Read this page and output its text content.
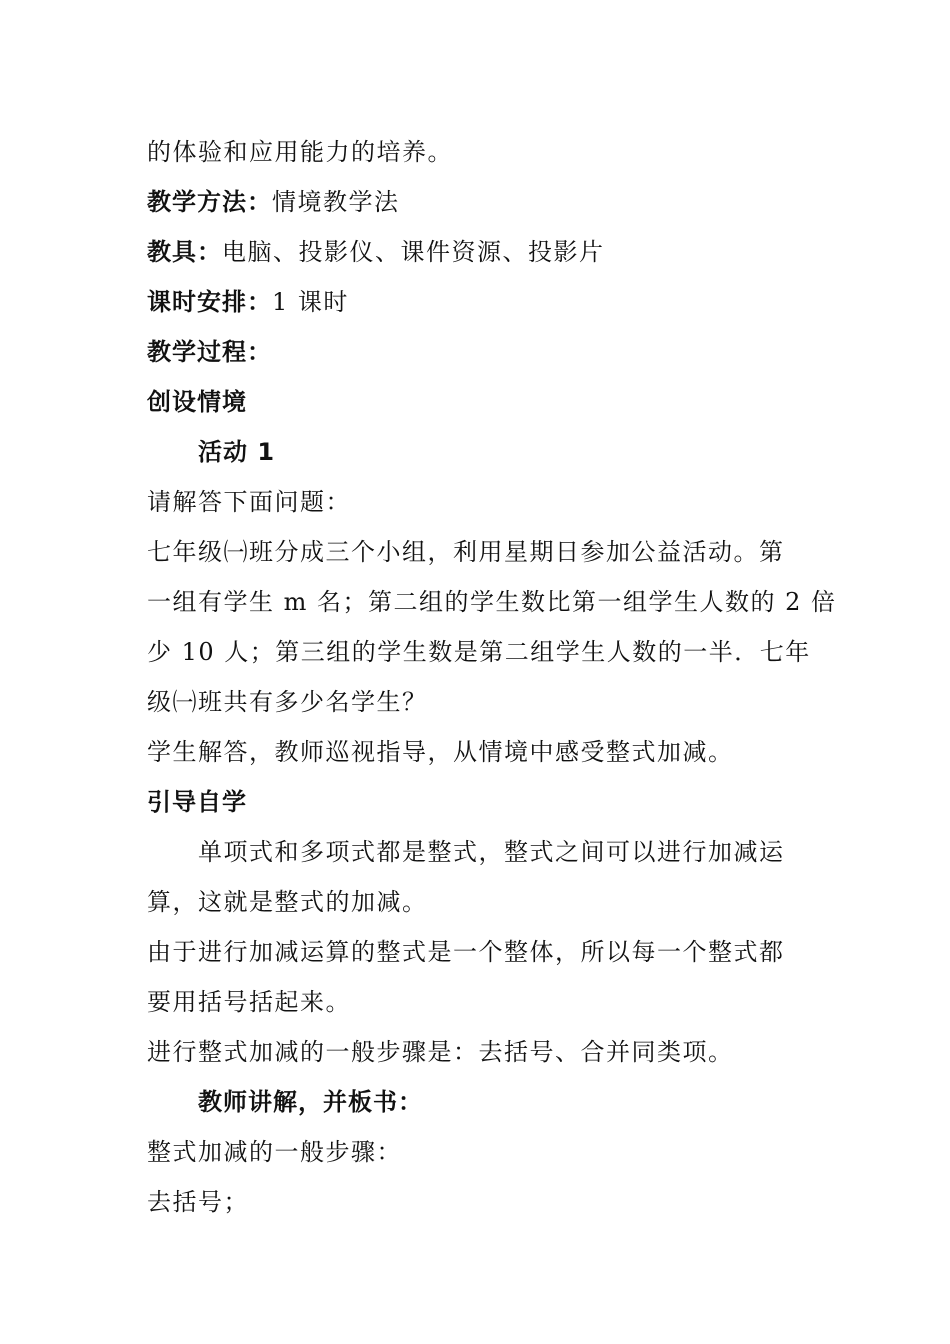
的体验和应用能力的培养。
教学方法：情境教学法
教具：电脑、投影仪、课件资源、投影片
课时安排：1 课时
教学过程：
创设情境
活动 1
请解答下面问题：
七年级㈠班分成三个小组，利用星期日参加公益活动。第
一组有学生 m 名；第二组的学生数比第一组学生人数的 2 倍
少 10 人；第三组的学生数是第二组学生人数的一半．七年
级㈠班共有多少名学生？
学生解答，教师巡视指导，从情境中感受整式加减。
引导自学
单项式和多项式都是整式，整式之间可以进行加减运
算，这就是整式的加减。
由于进行加减运算的整式是一个整体，所以每一个整式都
要用括号括起来。
进行整式加减的一般步骤是：去括号、合并同类项。
教师讲解，并板书：
整式加减的一般步骤：
去括号；
